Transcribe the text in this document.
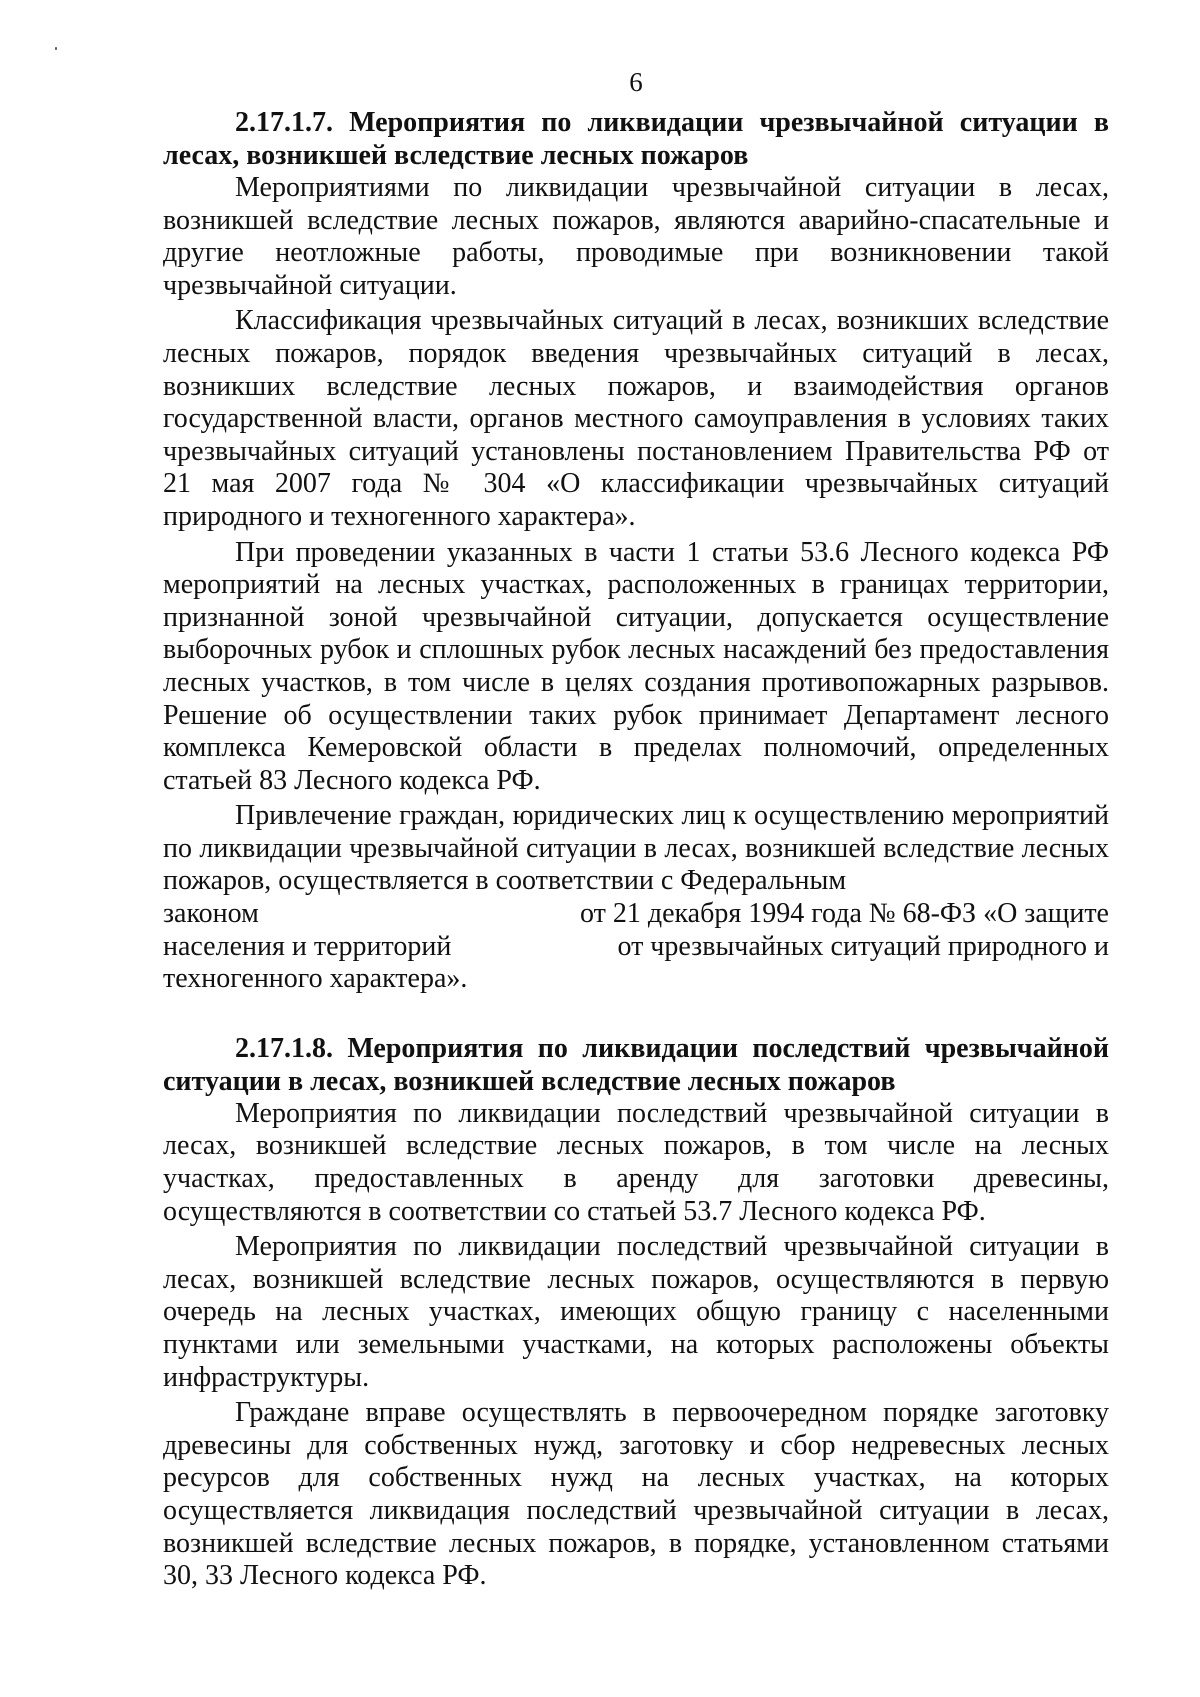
6

2.17.1.7. Мероприятия по ликвидации чрезвычайной ситуации в лесах, возникшей вследствие лесных пожаров

Мероприятиями по ликвидации чрезвычайной ситуации в лесах, возникшей вследствие лесных пожаров, являются аварийно-спасательные и другие неотложные работы, проводимые при возникновении такой чрезвычайной ситуации.

Классификация чрезвычайных ситуаций в лесах, возникших вследствие лесных пожаров, порядок введения чрезвычайных ситуаций в лесах, возникших вследствие лесных пожаров, и взаимодействия органов государственной власти, органов местного самоуправления в условиях таких чрезвычайных ситуаций установлены постановлением Правительства РФ от 21 мая 2007 года № 304 «О классификации чрезвычайных ситуаций природного и техногенного характера».

При проведении указанных в части 1 статьи 53.6 Лесного кодекса РФ мероприятий на лесных участках, расположенных в границах территории, признанной зоной чрезвычайной ситуации, допускается осуществление выборочных рубок и сплошных рубок лесных насаждений без предоставления лесных участков, в том числе в целях создания противопожарных разрывов. Решение об осуществлении таких рубок принимает Департамент лесного комплекса Кемеровской области в пределах полномочий, определенных статьей 83 Лесного кодекса РФ.

Привлечение граждан, юридических лиц к осуществлению мероприятий по ликвидации чрезвычайной ситуации в лесах, возникшей вследствие лесных пожаров, осуществляется в соответствии с Федеральным

законом	от 21 декабря 1994 года № 68-ФЗ «О защите
населения и территорий	от чрезвычайных ситуаций природного и

техногенного характера».

2.17.1.8. Мероприятия по ликвидации последствий чрезвычайной ситуации в лесах, возникшей вследствие лесных пожаров

Мероприятия по ликвидации последствий чрезвычайной ситуации в лесах, возникшей вследствие лесных пожаров, в том числе на лесных участках, предоставленных в аренду для заготовки древесины, осуществляются в соответствии со статьей 53.7 Лесного кодекса РФ.

Мероприятия по ликвидации последствий чрезвычайной ситуации в лесах, возникшей вследствие лесных пожаров, осуществляются в первую очередь на лесных участках, имеющих общую границу с населенными пунктами или земельными участками, на которых расположены объекты инфраструктуры.

Граждане вправе осуществлять в первоочередном порядке заготовку древесины для собственных нужд, заготовку и сбор недревесных лесных ресурсов для собственных нужд на лесных участках, на которых осуществляется ликвидация последствий чрезвычайной ситуации в лесах, возникшей вследствие лесных пожаров, в порядке, установленном статьями 30, 33 Лесного кодекса РФ.
